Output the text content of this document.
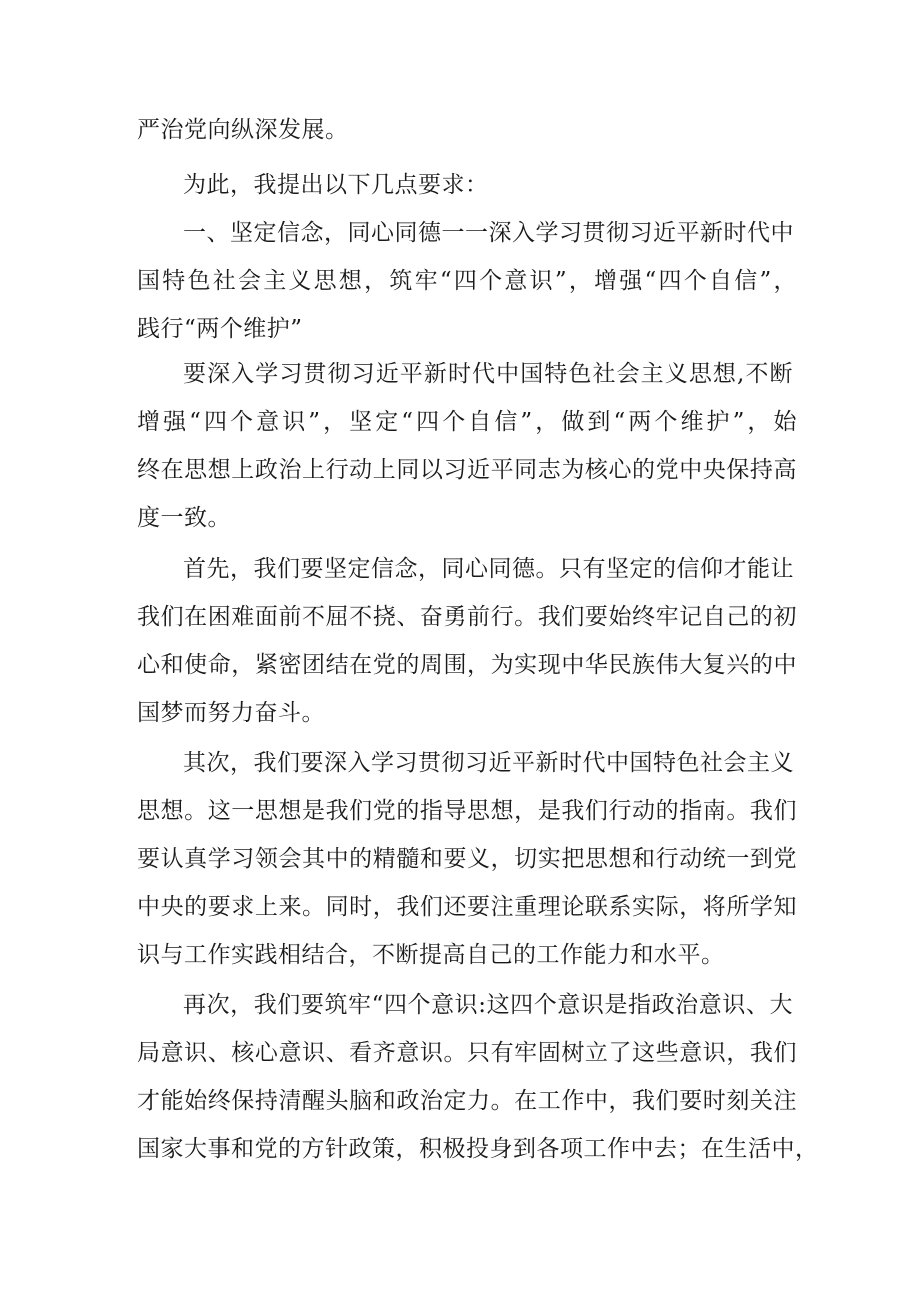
严治党向纵深发展。
为此，我提出以下几点要求：
一、坚定信念，同心同德一一深入学习贯彻习近平新时代中
国特色社会主义思想，筑牢“四个意识”，增强“四个自信”，
践行“两个维护”
要深入学习贯彻习近平新时代中国特色社会主义思想,不断
增强“四个意识”，坚定“四个自信”，做到“两个维护”，始
终在思想上政治上行动上同以习近平同志为核心的党中央保持高
度一致。
首先，我们要坚定信念，同心同德。只有坚定的信仰才能让
我们在困难面前不屈不挠、奋勇前行。我们要始终牢记自己的初
心和使命，紧密团结在党的周围，为实现中华民族伟大复兴的中
国梦而努力奋斗。
其次，我们要深入学习贯彻习近平新时代中国特色社会主义
思想。这一思想是我们党的指导思想，是我们行动的指南。我们
要认真学习领会其中的精髓和要义，切实把思想和行动统一到党
中央的要求上来。同时，我们还要注重理论联系实际，将所学知
识与工作实践相结合，不断提高自己的工作能力和水平。
再次，我们要筑牢“四个意识:这四个意识是指政治意识、大
局意识、核心意识、看齐意识。只有牢固树立了这些意识，我们
才能始终保持清醒头脑和政治定力。在工作中，我们要时刻关注
国家大事和党的方针政策，积极投身到各项工作中去；在生活中，
